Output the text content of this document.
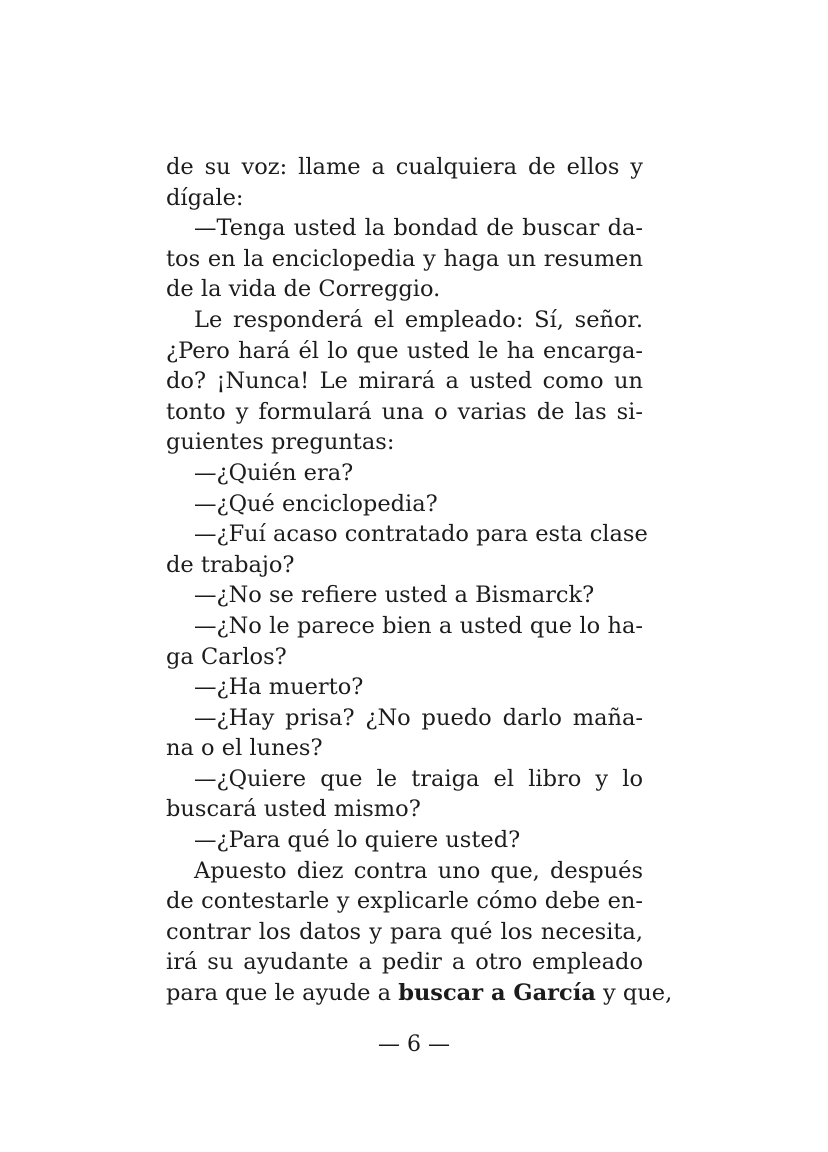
de su voz: llame a cualquiera de ellos y
dígale:
—Tenga usted la bondad de buscar da-
tos en la enciclopedia y haga un resumen
de la vida de Correggio.
Le responderá el empleado: Sí, señor.
¿Pero hará él lo que usted le ha encarga-
do? ¡Nunca! Le mirará a usted como un
tonto y formulará una o varias de las si-
guientes preguntas:
—¿Quién era?
—¿Qué enciclopedia?
—¿Fuí acaso contratado para esta clase
de trabajo?
—¿No se refiere usted a Bismarck?
—¿No le parece bien a usted que lo ha-
ga Carlos?
—¿Ha muerto?
—¿Hay prisa? ¿No puedo darlo maña-
na o el lunes?
—¿Quiere que le traiga el libro y lo
buscará usted mismo?
—¿Para qué lo quiere usted?
Apuesto diez contra uno que, después
de contestarle y explicarle cómo debe en-
contrar los datos y para qué los necesita,
irá su ayudante a pedir a otro empleado
para que le ayude a buscar a García y que,
— 6 —
